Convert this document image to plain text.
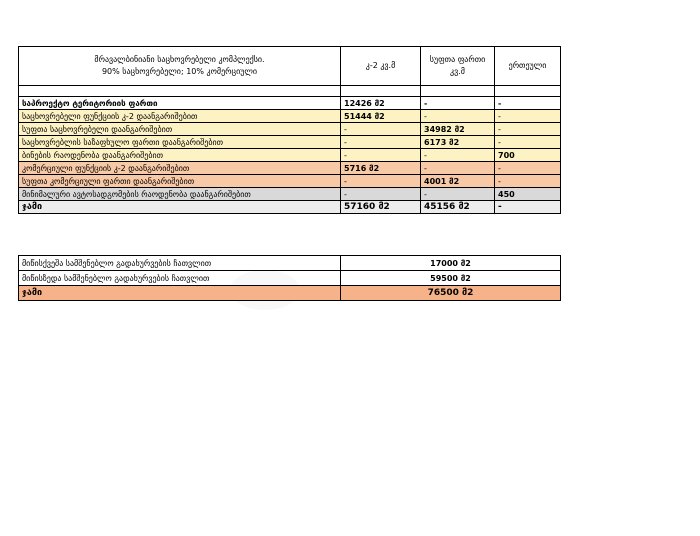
მრავალბინიანი საცხოვრებელი კომპლექსი.
90% საცხოვრებელი; 10% კომერციული	კ-2 კვ.მ	სუფთა ფართი კვ.მ	ერთეული

საპროექტო ტერიტორიის ფართი	12426 მ2	-	-
საცხოვრებელი ფუნქციის კ-2 დაანგარიშებით	51444 მ2	-	-
სუფთა საცხოვრებელი დაანგარიშებით	-	34982 მ2	-
საცხოვრებლის საზაფხულო ფართი დაანგარიშებით	-	6173 მ2	-
ბინების რაოდენობა დაანგარიშებით	-	-	700
კომერციული ფუნქციის კ-2 დაანგარიშებით	5716 მ2	-	-
სუფთა კომერციული ფართი დაანგარიშებით	-	4001 მ2	-
მინიმალური ავტოსადგომების რაოდენობა დაანგარიშებით	-	-	450
ჯამი	57160 მ2	45156 მ2	-
მიწისქვეშა სამშენებლო გადახურვების ჩათვლით	17000 მ2
მიწისზედა სამშენებლო გადახურვების ჩათვლით	59500 მ2
ჯამი	76500 მ2
